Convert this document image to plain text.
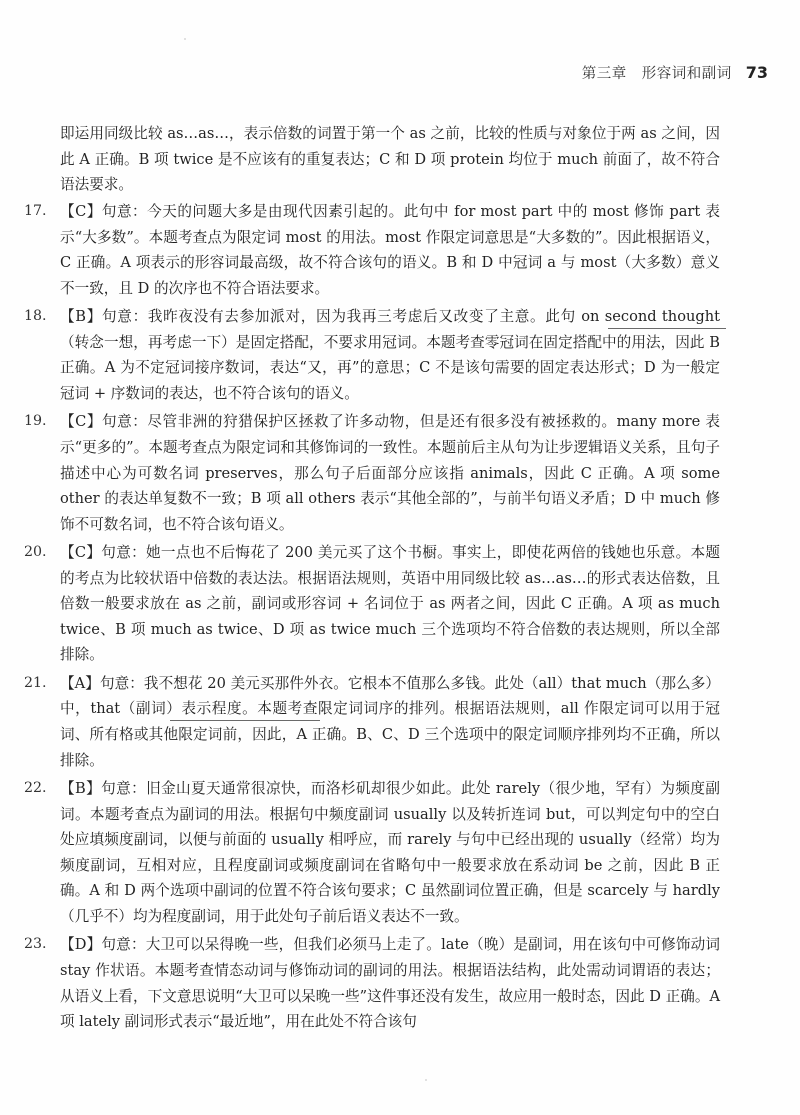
第三章　形容词和副词 73
即运用同级比较 as…as…，表示倍数的词置于第一个 as 之前，比较的性质与对象位于两 as 之间，因此 A 正确。B 项 twice 是不应该有的重复表达；C 和 D 项 protein 均位于 much 前面了，故不符合语法要求。
17. 【C】句意：今天的问题大多是由现代因素引起的。此句中 for most part 中的 most 修饰 part 表示“大多数”。本题考查点为限定词 most 的用法。most 作限定词意思是“大多数的”。因此根据语义，C 正确。A 项表示的形容词最高级，故不符合该句的语义。B 和 D 中冠词 a 与 most（大多数）意义不一致，且 D 的次序也不符合语法要求。
18. 【B】句意：我昨夜没有去参加派对，因为我再三考虑后又改变了主意。此句 on second thought（转念一想，再考虑一下）是固定搭配，不要求用冠词。本题考查零冠词在固定搭配中的用法，因此 B 正确。A 为不定冠词接序数词，表达“又，再”的意思；C 不是该句需要的固定表达形式；D 为一般定冠词 + 序数词的表达，也不符合该句的语义。
19. 【C】句意：尽管非洲的狩猎保护区拯救了许多动物，但是还有很多没有被拯救的。many more 表示“更多的”。本题考查点为限定词和其修饰词的一致性。本题前后主从句为让步逻辑语义关系，且句子描述中心为可数名词 preserves，那么句子后面部分应该指 animals，因此 C 正确。A 项 some other 的表达单复数不一致；B 项 all others 表示“其他全部的”，与前半句语义矛盾；D 中 much 修饰不可数名词，也不符合该句语义。
20. 【C】句意：她一点也不后悔花了 200 美元买了这个书橱。事实上，即使花两倍的钱她也乐意。本题的考点为比较状语中倍数的表达法。根据语法规则，英语中用同级比较 as…as…的形式表达倍数，且倍数一般要求放在 as 之前，副词或形容词 + 名词位于 as 两者之间，因此 C 正确。A 项 as much twice、B 项 much as twice、D 项 as twice much 三个选项均不符合倍数的表达规则，所以全部排除。
21. 【A】句意：我不想花 20 美元买那件外衣。它根本不值那么多钱。此处（all）that much（那么多）中，that（副词）表示程度。本题考查限定词词序的排列。根据语法规则，all 作限定词可以用于冠词、所有格或其他限定词前，因此，A 正确。B、C、D 三个选项中的限定词顺序排列均不正确，所以排除。
22. 【B】句意：旧金山夏天通常很凉快，而洛杉矶却很少如此。此处 rarely（很少地，罕有）为频度副词。本题考查点为副词的用法。根据句中频度副词 usually 以及转折连词 but，可以判定句中的空白处应填频度副词，以便与前面的 usually 相呼应，而 rarely 与句中已经出现的 usually（经常）均为频度副词，互相对应，且程度副词或频度副词在省略句中一般要求放在系动词 be 之前，因此 B 正确。A 和 D 两个选项中副词的位置不符合该句要求；C 虽然副词位置正确，但是 scarcely 与 hardly（几乎不）均为程度副词，用于此处句子前后语义表达不一致。
23. 【D】句意：大卫可以呆得晚一些，但我们必须马上走了。late（晚）是副词，用在该句中可修饰动词 stay 作状语。本题考查情态动词与修饰动词的副词的用法。根据语法结构，此处需动词谓语的表达；从语义上看，下文意思说明“大卫可以呆晚一些”这件事还没有发生，故应用一般时态，因此 D 正确。A 项 lately 副词形式表示“最近地”，用在此处不符合该句
